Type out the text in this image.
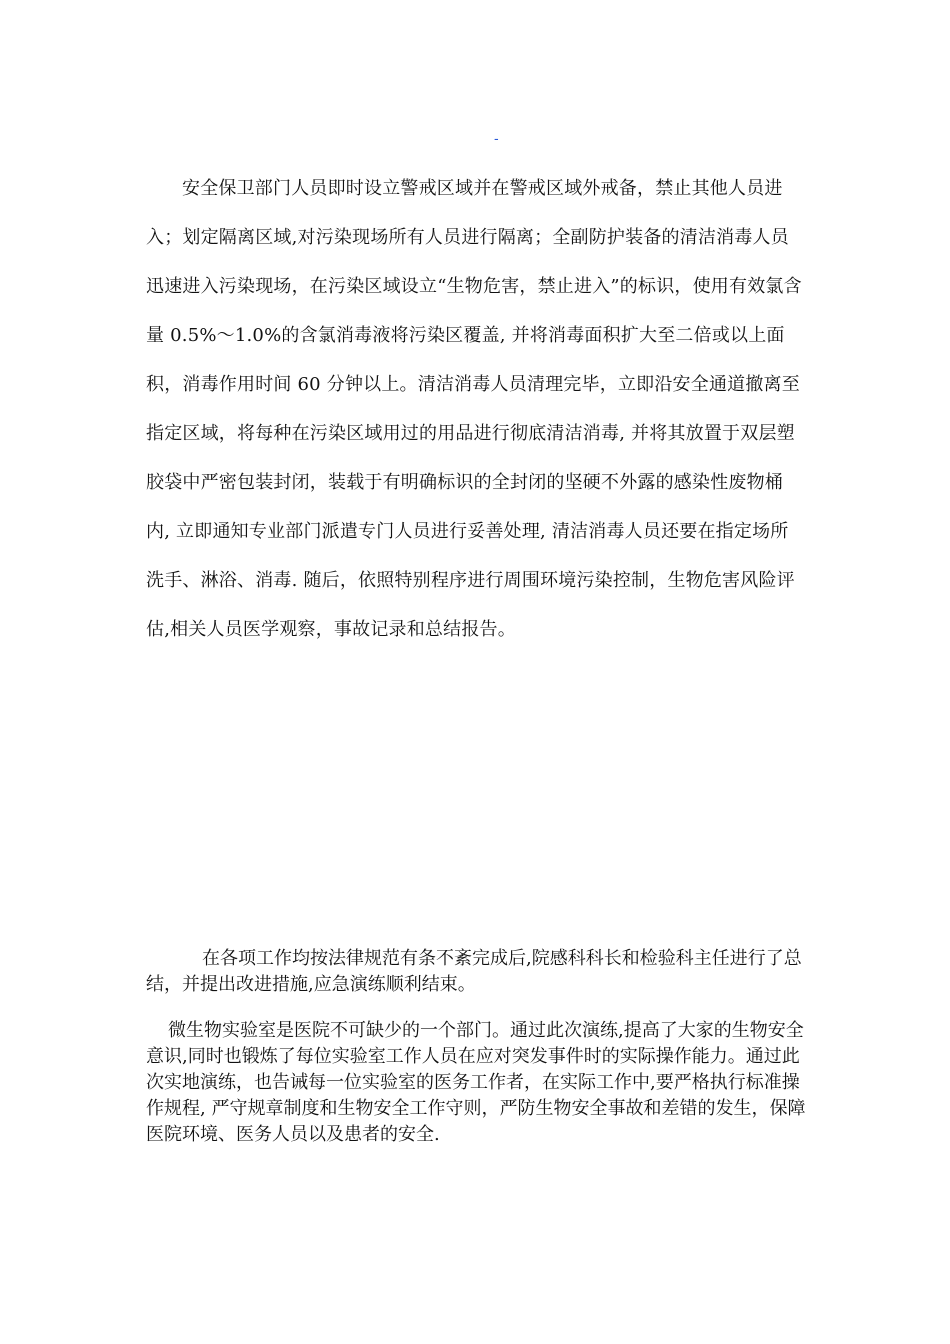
-

安全保卫部门人员即时设立警戒区域并在警戒区域外戒备，禁止其他人员进入；划定隔离区域,对污染现场所有人员进行隔离；全副防护装备的清洁消毒人员迅速进入污染现场，在污染区域设立“生物危害，禁止进入”的标识，使用有效氯含量 0.5%～1.0%的含氯消毒液将污染区覆盖, 并将消毒面积扩大至二倍或以上面积，消毒作用时间 60 分钟以上。清洁消毒人员清理完毕，立即沿安全通道撤离至指定区域，将每种在污染区域用过的用品进行彻底清洁消毒, 并将其放置于双层塑胶袋中严密包装封闭，装载于有明确标识的全封闭的坚硬不外露的感染性废物桶内, 立即通知专业部门派遣专门人员进行妥善处理, 清洁消毒人员还要在指定场所洗手、淋浴、消毒. 随后，依照特别程序进行周围环境污染控制，生物危害风险评估,相关人员医学观察，事故记录和总结报告。

在各项工作均按法律规范有条不紊完成后,院感科科长和检验科主任进行了总结，并提出改进措施,应急演练顺利结束。

微生物实验室是医院不可缺少的一个部门。通过此次演练,提高了大家的生物安全意识,同时也锻炼了每位实验室工作人员在应对突发事件时的实际操作能力。通过此次实地演练，也告诫每一位实验室的医务工作者，在实际工作中,要严格执行标准操作规程, 严守规章制度和生物安全工作守则，严防生物安全事故和差错的发生，保障医院环境、医务人员以及患者的安全.
